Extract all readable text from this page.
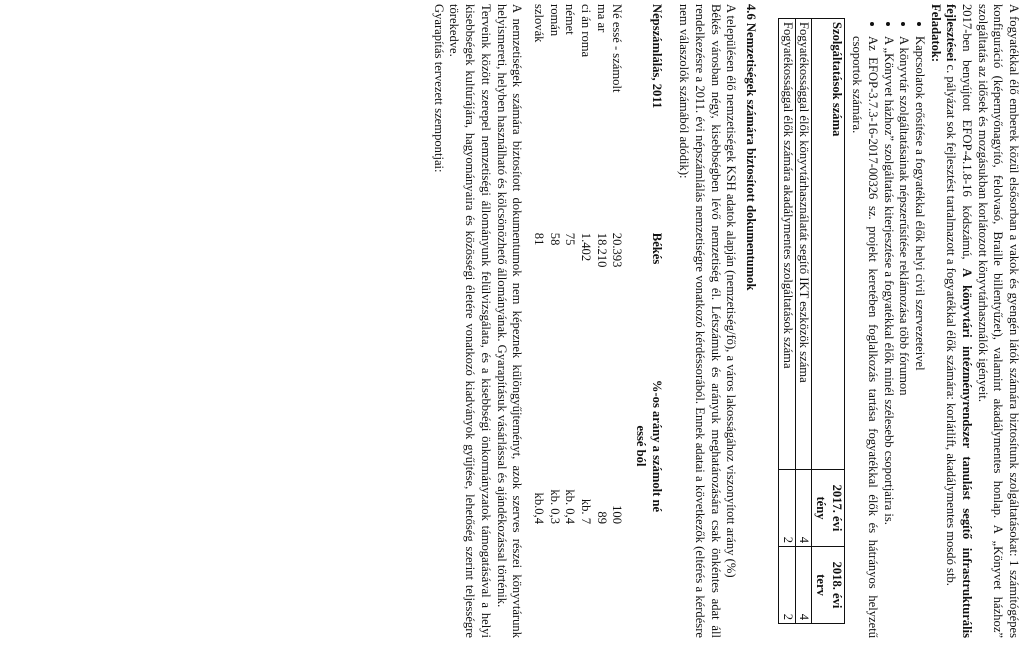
A fogyatékkal élő emberek közül elsősorban a vakok és gyengén látók számára biztosítunk szolgáltatásokat: 1 számítógépes konfiguráció (képernyőnagyító, felolvasó, Braille billentyűzet), valamint akadálymentes honlap. A „Könyvet házhoz” szolgáltatás az idősek és mozgásukban korlátozott könyvtárhasználók igényeit.

2017-ben benyújtott EFOP-4.1.8-16 kódszámú, A könyvtári intézményrendszer tanulást segítő infrastrukturális fejlesztései c. pályázat sok fejlesztést tartalmazott a fogyatékkal élők számára: korlátlift, akadálymentes mosdó stb.

Feladatok:

• Kapcsolatok erősítése a fogyatékkal élők helyi civil szervezeteivel
• A könyvtár szolgáltatásainak népszerűsítése reklámozása több fórumon
• A „Könyvet házhoz” szolgáltatás kiterjesztése a fogyatékkal élők minél szélesebb csoportjaira is.
• Az EFOP-3.7.3-16-2017-00326 sz. projekt keretében foglalkozás tartása fogyatékkal élők és hátrányos helyzetű csoportok számára.
Szolgáltatások száma	2017. évi tény	2018. évi terv
Fogyatékossággal élők könyvtárhasználatát segítő IKT eszközök száma	4	4
Fogyatékossággal élők számára akadálymentes szolgáltatások száma	2	2
4.6 Nemzetiségek számára biztosított dokumentumok

A településen élő nemzetiségek KSH adatok alapján (nemzetiség/fő), a város lakosságához viszonyított arány (%)

Békés városban négy, kisebbségben lévő nemzetiség él. Létszámuk és arányuk meghatározására csak önkéntes adat áll rendelkezésre a 2011. évi népszámlálás nemzetiségre vonatkozó kérdéssorából. Ennek adatai a következők (eltérés a kérdésre nem válaszolók számából adódik):

Népszámlálás, 2011	Békés	%-os arány a számolt né essé ból

Né essé - számolt	20.393	100
ma ar	18.210	89
ci án roma	1.402	kb. 7
német	75	kb. 0,4
román	58	kb. 0,3
szlovák	81	kb.0,4

A nemzetiségek számára biztosított dokumentumok nem képeznek különgyűjteményt, azok szerves részei könyvtárunk helyismereti, helyben használható és kölcsönözhető állományának. Gyarapításuk vásárlással és ajándékozással történik.

Terveink között szerepel nemzetiségi állományunk felülvizsgálata, és a kisebbségi önkormányzatok támogatásával a helyi kisebbségek kultúrájára, hagyományaira és közösségi életére vonatkozó kiadványok gyűjtése, lehetőség szerint teljességre törekedve.

Gyarapítás tervezett szempontjai:
